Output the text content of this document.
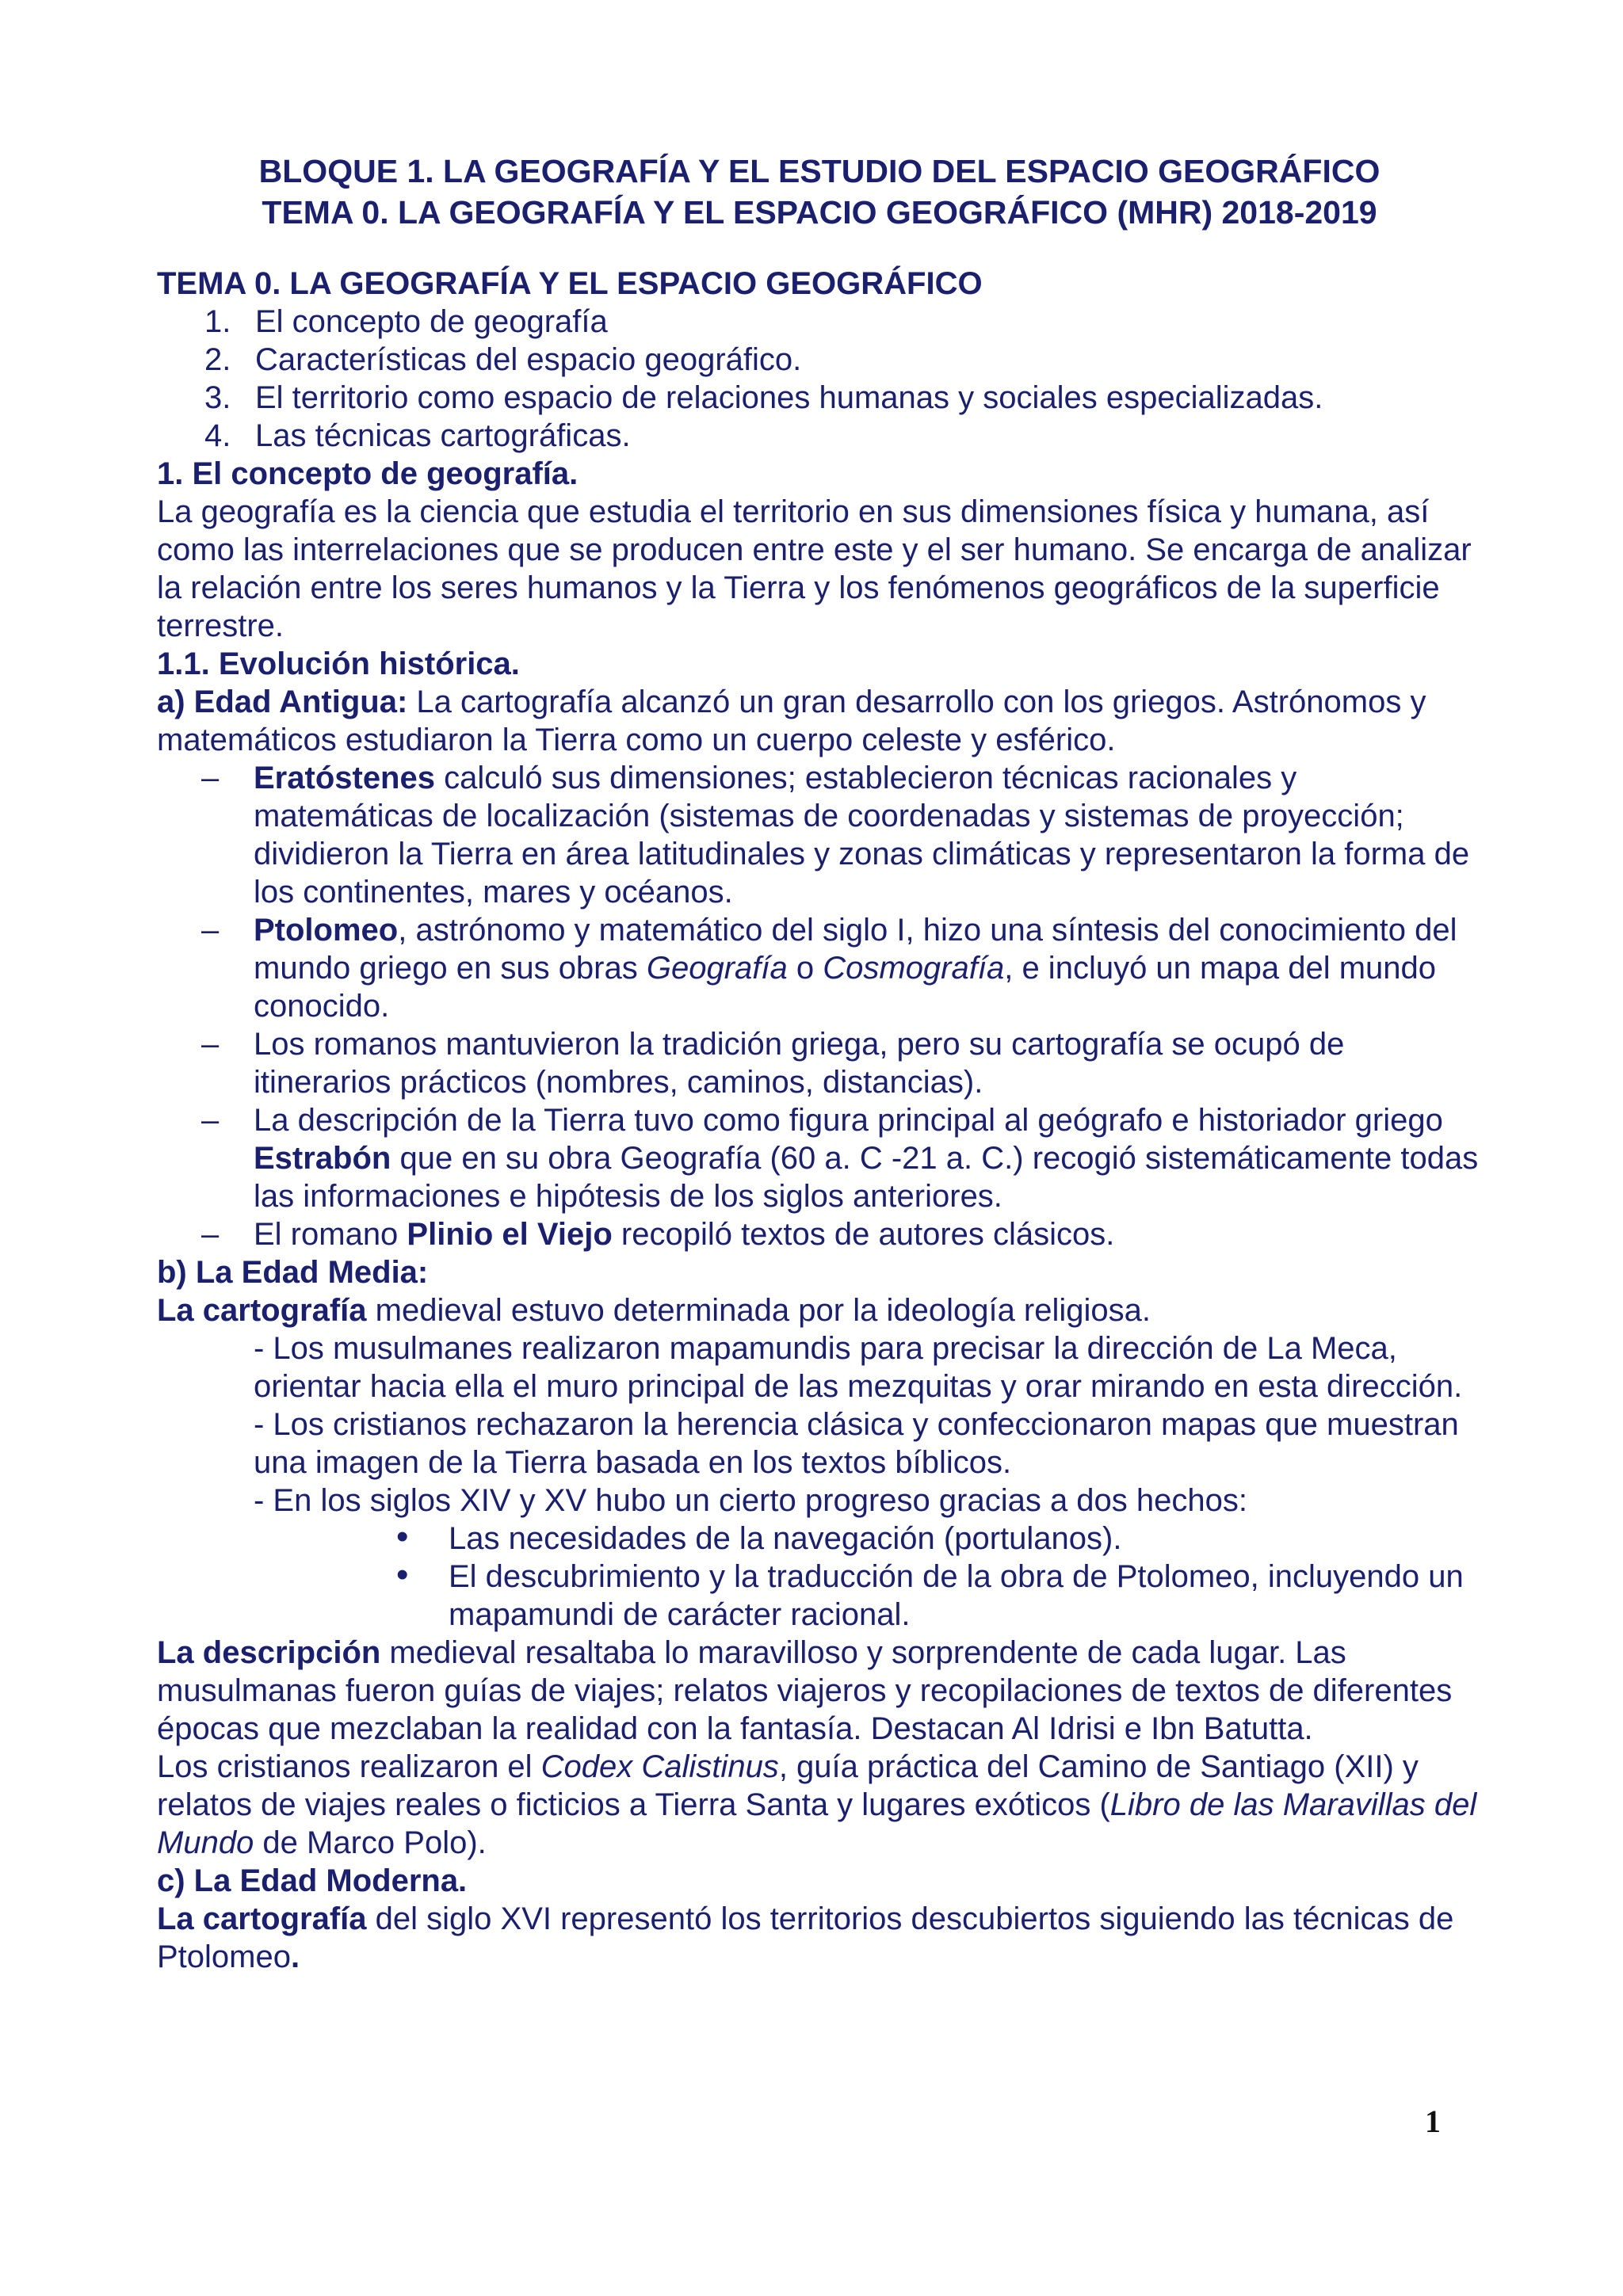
BLOQUE 1. LA GEOGRAFÍA Y EL ESTUDIO DEL ESPACIO GEOGRÁFICO
TEMA 0. LA GEOGRAFÍA Y EL ESPACIO GEOGRÁFICO (MHR) 2018-2019

TEMA 0. LA GEOGRAFÍA Y EL ESPACIO GEOGRÁFICO

1. El concepto de geografía
2. Características del espacio geográfico.
3. El territorio como espacio de relaciones humanas y sociales especializadas.
4. Las técnicas cartográficas.

1. El concepto de geografía.

La geografía es la ciencia que estudia el territorio en sus dimensiones física y humana, así como las interrelaciones que se producen entre este y el ser humano. Se encarga de analizar la relación entre los seres humanos y la Tierra y los fenómenos geográficos de la superficie terrestre.

1.1. Evolución histórica.

a) Edad Antigua: La cartografía alcanzó un gran desarrollo con los griegos. Astrónomos y matemáticos estudiaron la Tierra como un cuerpo celeste y esférico.

– Eratóstenes calculó sus dimensiones; establecieron técnicas racionales y matemáticas de localización (sistemas de coordenadas y sistemas de proyección; dividieron la Tierra en área latitudinales y zonas climáticas y representaron la forma de los continentes, mares y océanos.
– Ptolomeo, astrónomo y matemático del siglo I, hizo una síntesis del conocimiento del mundo griego en sus obras Geografía o Cosmografía, e incluyó un mapa del mundo conocido.
– Los romanos mantuvieron la tradición griega, pero su cartografía se ocupó de itinerarios prácticos (nombres, caminos, distancias).
– La descripción de la Tierra tuvo como figura principal al geógrafo e historiador griego Estrabón que en su obra Geografía (60 a. C -21 a. C.) recogió sistemáticamente todas las informaciones e hipótesis de los siglos anteriores.
– El romano Plinio el Viejo recopiló textos de autores clásicos.

b) La Edad Media:

La cartografía medieval estuvo determinada por la ideología religiosa.

- Los musulmanes realizaron mapamundis para precisar la dirección de La Meca, orientar hacia ella el muro principal de las mezquitas y orar mirando en esta dirección.

- Los cristianos rechazaron la herencia clásica y confeccionaron mapas que muestran una imagen de la Tierra basada en los textos bíblicos.

- En los siglos XIV y XV hubo un cierto progreso gracias a dos hechos:

• Las necesidades de la navegación (portulanos).
• El descubrimiento y la traducción de la obra de Ptolomeo, incluyendo un mapamundi de carácter racional.

La descripción medieval resaltaba lo maravilloso y sorprendente de cada lugar. Las musulmanas fueron guías de viajes; relatos viajeros y recopilaciones de textos de diferentes épocas que mezclaban la realidad con la fantasía. Destacan Al Idrisi e Ibn Batutta.

Los cristianos realizaron el Codex Calistinus, guía práctica del Camino de Santiago (XII) y relatos de viajes reales o ficticios a Tierra Santa y lugares exóticos (Libro de las Maravillas del Mundo de Marco Polo).

c) La Edad Moderna.

La cartografía del siglo XVI representó los territorios descubiertos siguiendo las técnicas de Ptolomeo.

1
